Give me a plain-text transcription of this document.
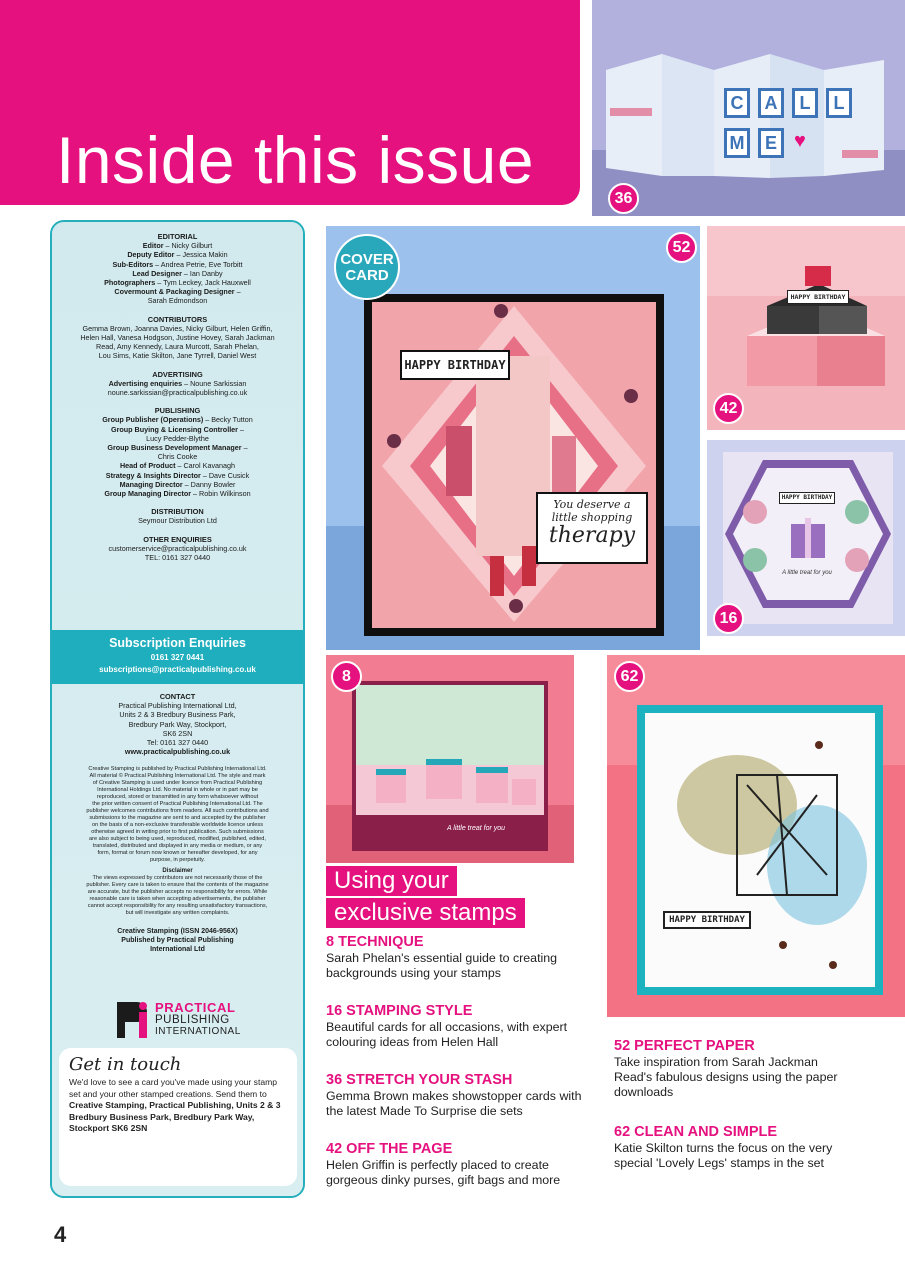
Inside this issue
C	A	L	L
M	E ♥
36
HAPPY BIRTHDAY
You deserve a
little shopping
therapy
COVER
CARD
52
HAPPY BIRTHDAY
42
HAPPY BIRTHDAY
A little treat for you
16
A little treat for you
8
HAPPY BIRTHDAY
62
EDITORIAL
Editor – Nicky Gilburt
Deputy Editor – Jessica Makin
Sub-Editors – Andrea Petrie, Eve Torbitt
Lead Designer – Ian Danby
Photographers – Tym Leckey, Jack Hauxwell
Covermount & Packaging Designer –
Sarah Edmondson
CONTRIBUTORS
Gemma Brown, Joanna Davies, Nicky Gilburt, Helen Griffin,
Helen Hall, Vanesa Hodgson, Justine Hovey, Sarah Jackman
Read, Amy Kennedy, Laura Murcott, Sarah Phelan,
Lou Sims, Katie Skilton, Jane Tyrrell, Daniel West
ADVERTISING
Advertising enquiries – Noune Sarkissian
noune.sarkissian@practicalpublishing.co.uk
PUBLISHING
Group Publisher (Operations) – Becky Tutton
Group Buying & Licensing Controller –
Lucy Pedder-Blythe
Group Business Development Manager –
Chris Cooke
Head of Product – Carol Kavanagh
Strategy & Insights Director – Dave Cusick
Managing Director – Danny Bowler
Group Managing Director – Robin Wilkinson
DISTRIBUTION
Seymour Distribution Ltd
OTHER ENQUIRIES
customerservice@practicalpublishing.co.uk
TEL: 0161 327 0440
Subscription Enquiries
0161 327 0441
subscriptions@practicalpublishing.co.uk
CONTACT
Practical Publishing International Ltd,
Units 2 & 3 Bredbury Business Park,
Bredbury Park Way, Stockport,
SK6 2SN
Tel: 0161 327 0440
www.practicalpublishing.co.uk
Creative Stamping is published by Practical Publishing International Ltd.
All material © Practical Publishing International Ltd. The style and mark
of Creative Stamping is used under licence from Practical Publishing
International Holdings Ltd. No material in whole or in part may be
reproduced, stored or transmitted in any form whatsoever without
the prior written consent of Practical Publishing International Ltd. The
publisher welcomes contributions from readers. All such contributions and
submissions to the magazine are sent to and accepted by the publisher
on the basis of a non-exclusive transferable worldwide licence unless
otherwise agreed in writing prior to first publication. Such submissions
are also subject to being used, reproduced, modified, published, edited,
translated, distributed and displayed in any media or medium, or any
form, format or forum now known or hereafter developed, for any
purpose, in perpetuity.
Disclaimer
The views expressed by contributors are not necessarily those of the
publisher. Every care is taken to ensure that the contents of the magazine
are accurate, but the publisher accepts no responsibility for errors. While
reasonable care is taken when accepting advertisements, the publisher
cannot accept responsibility for any resulting unsatisfactory transactions,
but will investigate any written complaints.
Creative Stamping (ISSN 2046-956X)
Published by Practical Publishing
International Ltd
PRACTICAL
PUBLISHING
INTERNATIONAL
Get in touch
We'd love to see a card you've made using your stamp set and your other stamped creations. Send them to Creative Stamping, Practical Publishing, Units 2 & 3 Bredbury Business Park, Bredbury Park Way, Stockport SK6 2SN
Using your
exclusive stamps
8 TECHNIQUE
Sarah Phelan's essential guide to creating backgrounds using your stamps
16 STAMPING STYLE
Beautiful cards for all occasions, with expert colouring ideas from Helen Hall
36 STRETCH YOUR STASH
Gemma Brown makes showstopper cards with the latest Made To Surprise die sets
42 OFF THE PAGE
Helen Griffin is perfectly placed to create gorgeous dinky purses, gift bags and more
52 PERFECT PAPER
Take inspiration from Sarah Jackman Read's fabulous designs using the paper downloads
62 CLEAN AND SIMPLE
Katie Skilton turns the focus on the very special 'Lovely Legs' stamps in the set
4
